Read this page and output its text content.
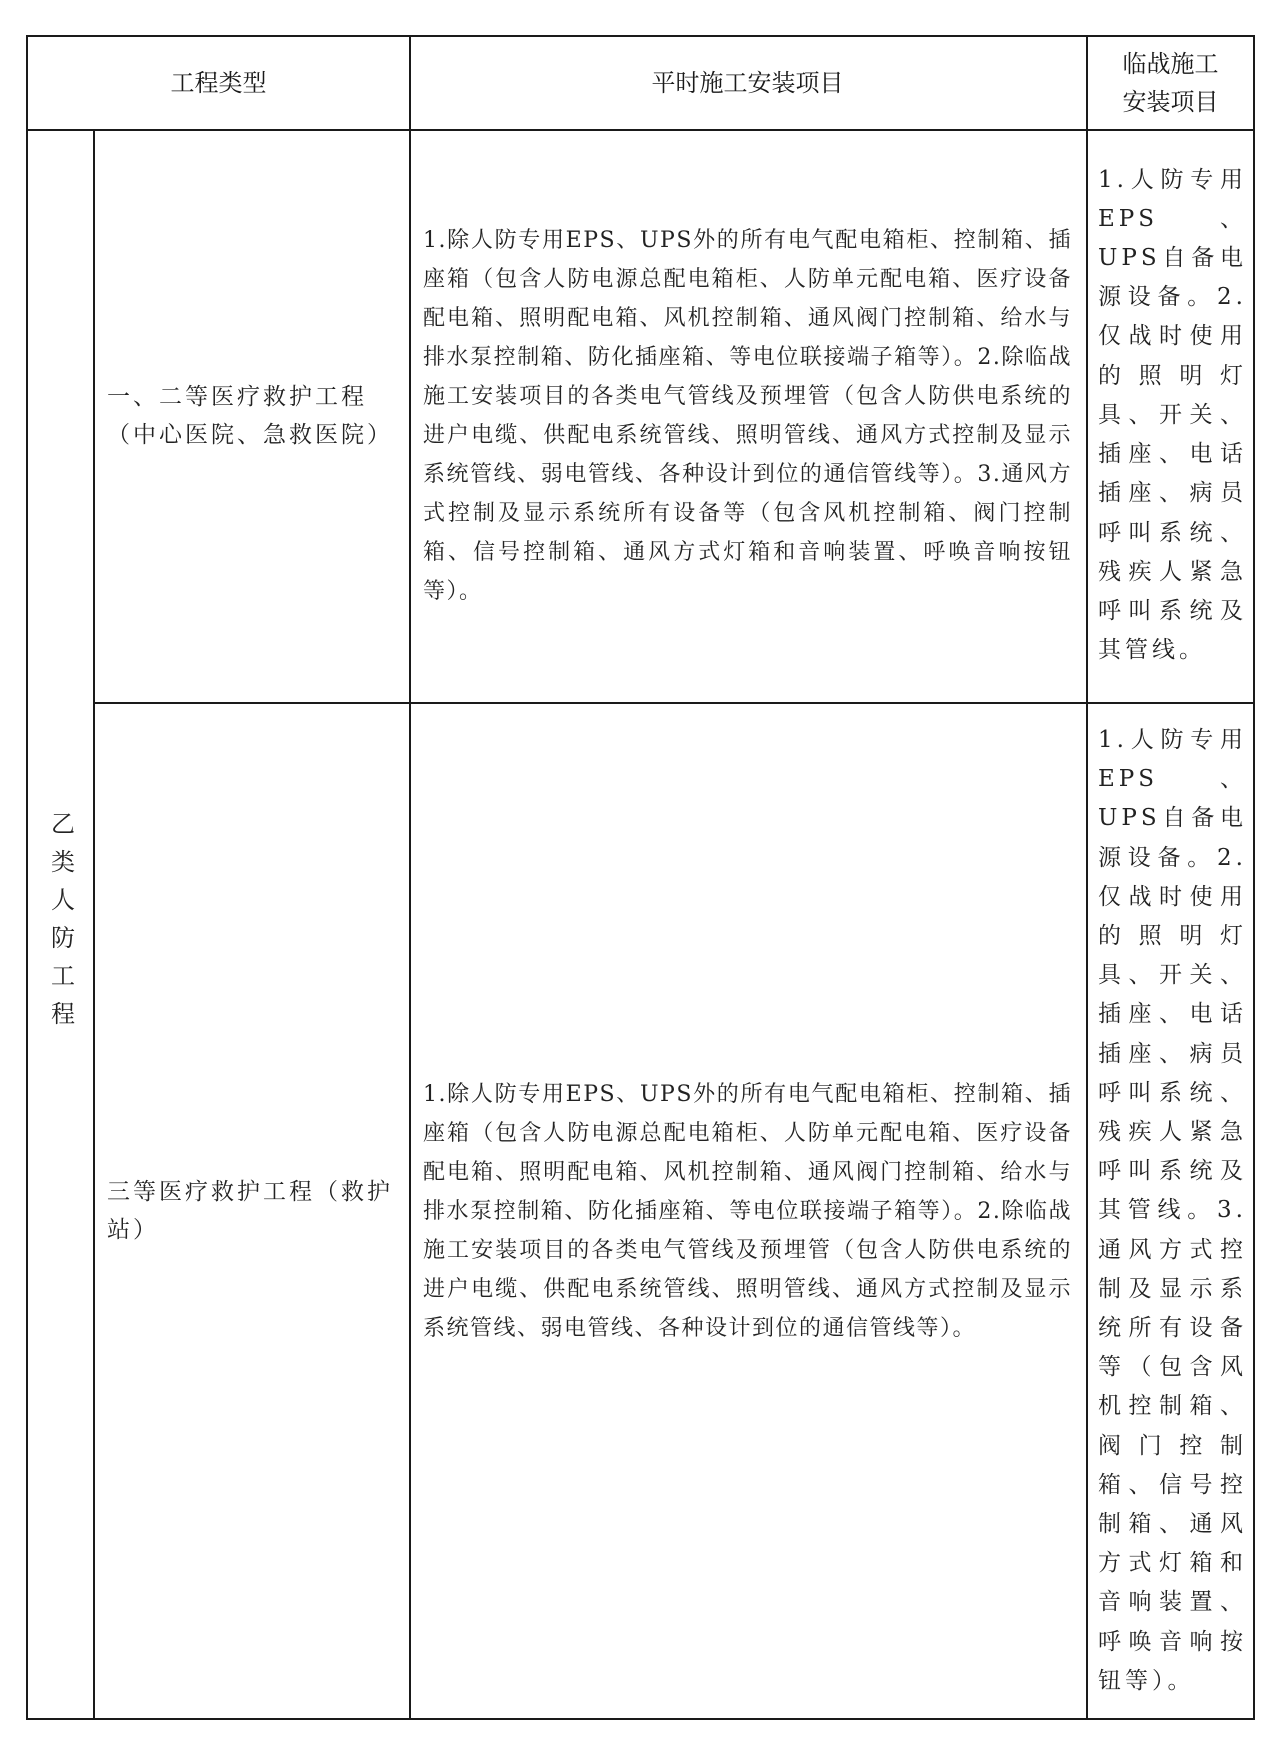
工程类型	平时施工安装项目
临战施工安装项目
乙类人防工程
一、二等医疗救护工程（中心医院、急救医院）
1.除人防专用EPS、UPS外的所有电气配电箱柜、控制箱、插座箱（包含人防电源总配电箱柜、人防单元配电箱、医疗设备配电箱、照明配电箱、风机控制箱、通风阀门控制箱、给水与排水泵控制箱、防化插座箱、等电位联接端子箱等）。2.除临战施工安装项目的各类电气管线及预埋管（包含人防供电系统的进户电缆、供配电系统管线、照明管线、通风方式控制及显示系统管线、弱电管线、各种设计到位的通信管线等）。3.通风方式控制及显示系统所有设备等（包含风机控制箱、阀门控制箱、信号控制箱、通风方式灯箱和音响装置、呼唤音响按钮等）。
1.人防专用EPS、UPS自备电源设备。2.仅战时使用的照明灯具、开关、插座、电话插座、病员呼叫系统、残疾人紧急呼叫系统及其管线。
三等医疗救护工程（救护站）
1.除人防专用EPS、UPS外的所有电气配电箱柜、控制箱、插座箱（包含人防电源总配电箱柜、人防单元配电箱、医疗设备配电箱、照明配电箱、风机控制箱、通风阀门控制箱、给水与排水泵控制箱、防化插座箱、等电位联接端子箱等）。2.除临战施工安装项目的各类电气管线及预埋管（包含人防供电系统的进户电缆、供配电系统管线、照明管线、通风方式控制及显示系统管线、弱电管线、各种设计到位的通信管线等）。
1.人防专用EPS、UPS自备电源设备。2.仅战时使用的照明灯具、开关、插座、电话插座、病员呼叫系统、残疾人紧急呼叫系统及其管线。3.通风方式控制及显示系统所有设备等（包含风机控制箱、阀门控制箱、信号控制箱、通风方式灯箱和音响装置、呼唤音响按钮等）。
